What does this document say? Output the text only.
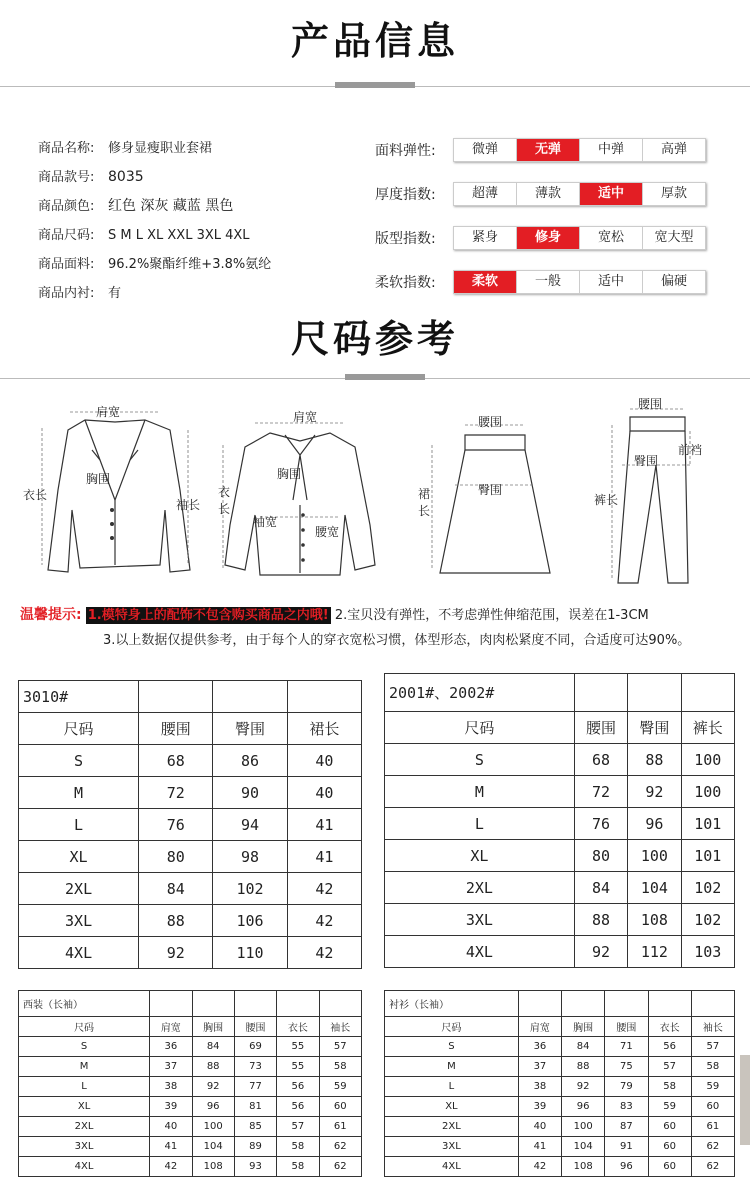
产品信息
商品名称: 修身显瘦职业套裙
商品款号: 8035
商品颜色: 红色 深灰 藏蓝 黑色
商品尺码: S M L XL XXL 3XL 4XL
商品面料: 96.2%聚酯纤维+3.8%氨纶
商品内衬: 有
面料弹性:	微弹	无弹	中弹	高弹
厚度指数:	超薄	薄款	适中	厚款
版型指数:	紧身	修身	宽松	宽大型
柔软指数:	柔软	一般	适中	偏硬
尺码参考
肩宽
胸围
衣长
袖长
肩宽
胸围
衣长
袖宽
腰宽
腰围
臀围
裙长
腰围
前裆
臀围
裤长
温馨提示: 1.模特身上的配饰不包含购买商品之内哦! 2.宝贝没有弹性，不考虑弹性伸缩范围，误差在1-3CM
3.以上数据仅提供参考，由于每个人的穿衣宽松习惯，体型形态，肉肉松紧度不同，合适度可达90%。
3010#			
尺码	腰围	臀围	裙长
S	68	86	40
M	72	90	40
L	76	94	41
XL	80	98	41
2XL	84	102	42
3XL	88	106	42
4XL	92	110	42
2001#、2002#			
尺码	腰围	臀围	裤长
S	68	88	100
M	72	92	100
L	76	96	101
XL	80	100	101
2XL	84	104	102
3XL	88	108	102
4XL	92	112	103
西装（长袖）					
尺码	肩宽	胸围	腰围	衣长	袖长
S	36	84	69	55	57
M	37	88	73	55	58
L	38	92	77	56	59
XL	39	96	81	56	60
2XL	40	100	85	57	61
3XL	41	104	89	58	62
4XL	42	108	93	58	62
衬衫（长袖）					
尺码	肩宽	胸围	腰围	衣长	袖长
S	36	84	71	56	57
M	37	88	75	57	58
L	38	92	79	58	59
XL	39	96	83	59	60
2XL	40	100	87	60	61
3XL	41	104	91	60	62
4XL	42	108	96	60	62
